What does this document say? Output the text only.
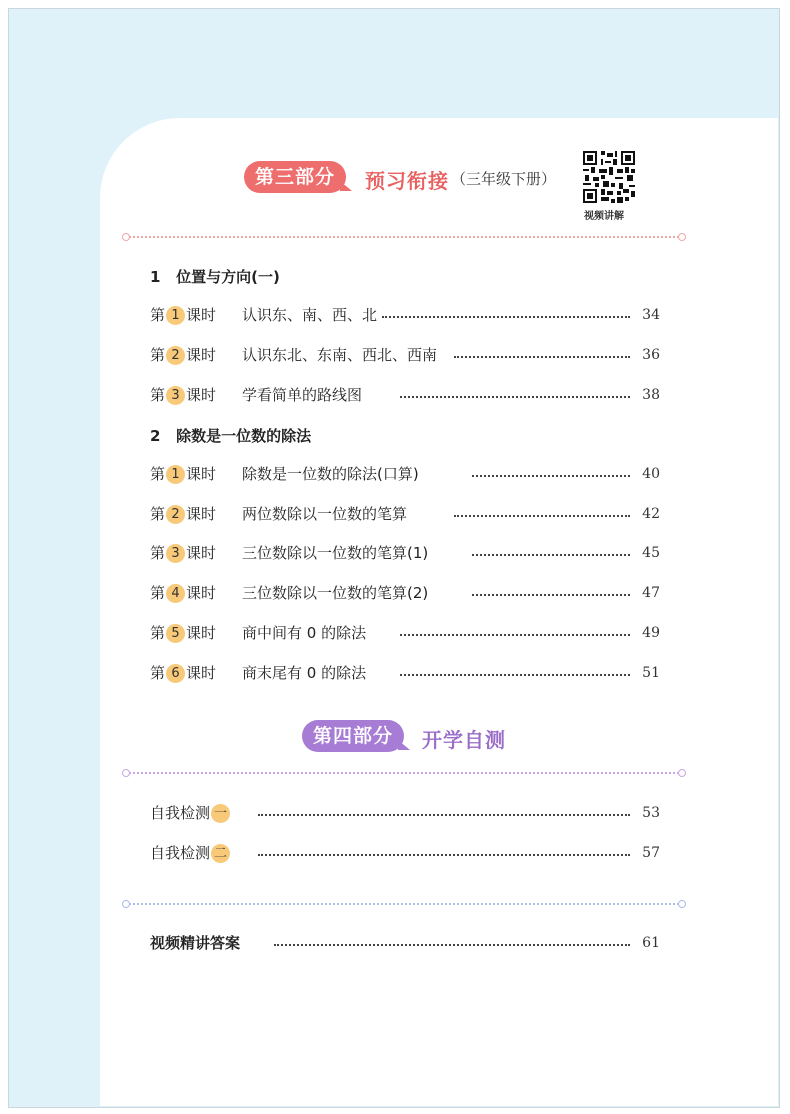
第三部分	预习衔接 （三年级下册）
视频讲解
1 位置与方向(一)
第 1 课时 认识东、南、西、北	34
第 2 课时 认识东北、东南、西北、西南	36
第 3 课时 学看简单的路线图	38
2 除数是一位数的除法
第 1 课时 除数是一位数的除法(口算)	40
第 2 课时 两位数除以一位数的笔算	42
第 3 课时 三位数除以一位数的笔算(1)	45
第 4 课时 三位数除以一位数的笔算(2)	47
第 5 课时 商中间有 0 的除法	49
第 6 课时 商末尾有 0 的除法	51
第四部分	开学自测
自我检测 一	53
自我检测 二	57
视频精讲答案	61
